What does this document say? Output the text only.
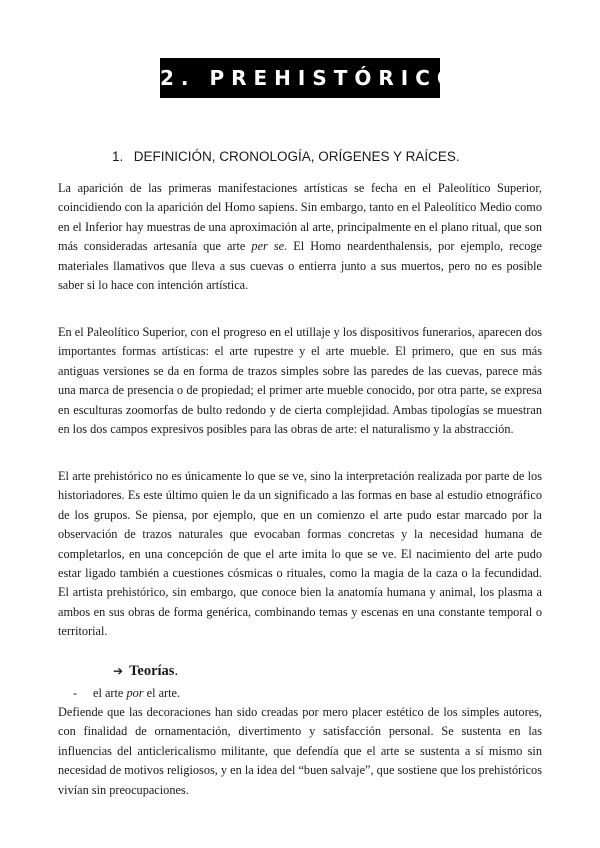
02. PREHISTÓRICO
1. DEFINICIÓN, CRONOLOGÍA, ORÍGENES Y RAÍCES.
La aparición de las primeras manifestaciones artísticas se fecha en el Paleolítico Superior, coincidiendo con la aparición del Homo sapiens. Sin embargo, tanto en el Paleolítico Medio como en el Inferior hay muestras de una aproximación al arte, principalmente en el plano ritual, que son más consideradas artesanía que arte per se. El Homo neardenthalensis, por ejemplo, recoge materiales llamativos que lleva a sus cuevas o entierra junto a sus muertos, pero no es posible saber si lo hace con intención artística.
En el Paleolítico Superior, con el progreso en el utillaje y los dispositivos funerarios, aparecen dos importantes formas artísticas: el arte rupestre y el arte mueble. El primero, que en sus más antiguas versiones se da en forma de trazos simples sobre las paredes de las cuevas, parece más una marca de presencia o de propiedad; el primer arte mueble conocido, por otra parte, se expresa en esculturas zoomorfas de bulto redondo y de cierta complejidad. Ambas tipologías se muestran en los dos campos expresivos posibles para las obras de arte: el naturalismo y la abstracción.
El arte prehistórico no es únicamente lo que se ve, sino la interpretación realizada por parte de los historiadores. Es este último quien le da un significado a las formas en base al estudio etnográfico de los grupos. Se piensa, por ejemplo, que en un comienzo el arte pudo estar marcado por la observación de trazos naturales que evocaban formas concretas y la necesidad humana de completarlos, en una concepción de que el arte imita lo que se ve. El nacimiento del arte pudo estar ligado también a cuestiones cósmicas o rituales, como la magia de la caza o la fecundidad. El artista prehistórico, sin embargo, que conoce bien la anatomía humana y animal, los plasma a ambos en sus obras de forma genérica, combinando temas y escenas en una constante temporal o territorial.
➔ Teorías.
- el arte por el arte.
Defiende que las decoraciones han sido creadas por mero placer estético de los simples autores, con finalidad de ornamentación, divertimento y satisfacción personal. Se sustenta en las influencias del anticlericalismo militante, que defendía que el arte se sustenta a sí mismo sin necesidad de motivos religiosos, y en la idea del “buen salvaje”, que sostiene que los prehistóricos vivían sin preocupaciones.
